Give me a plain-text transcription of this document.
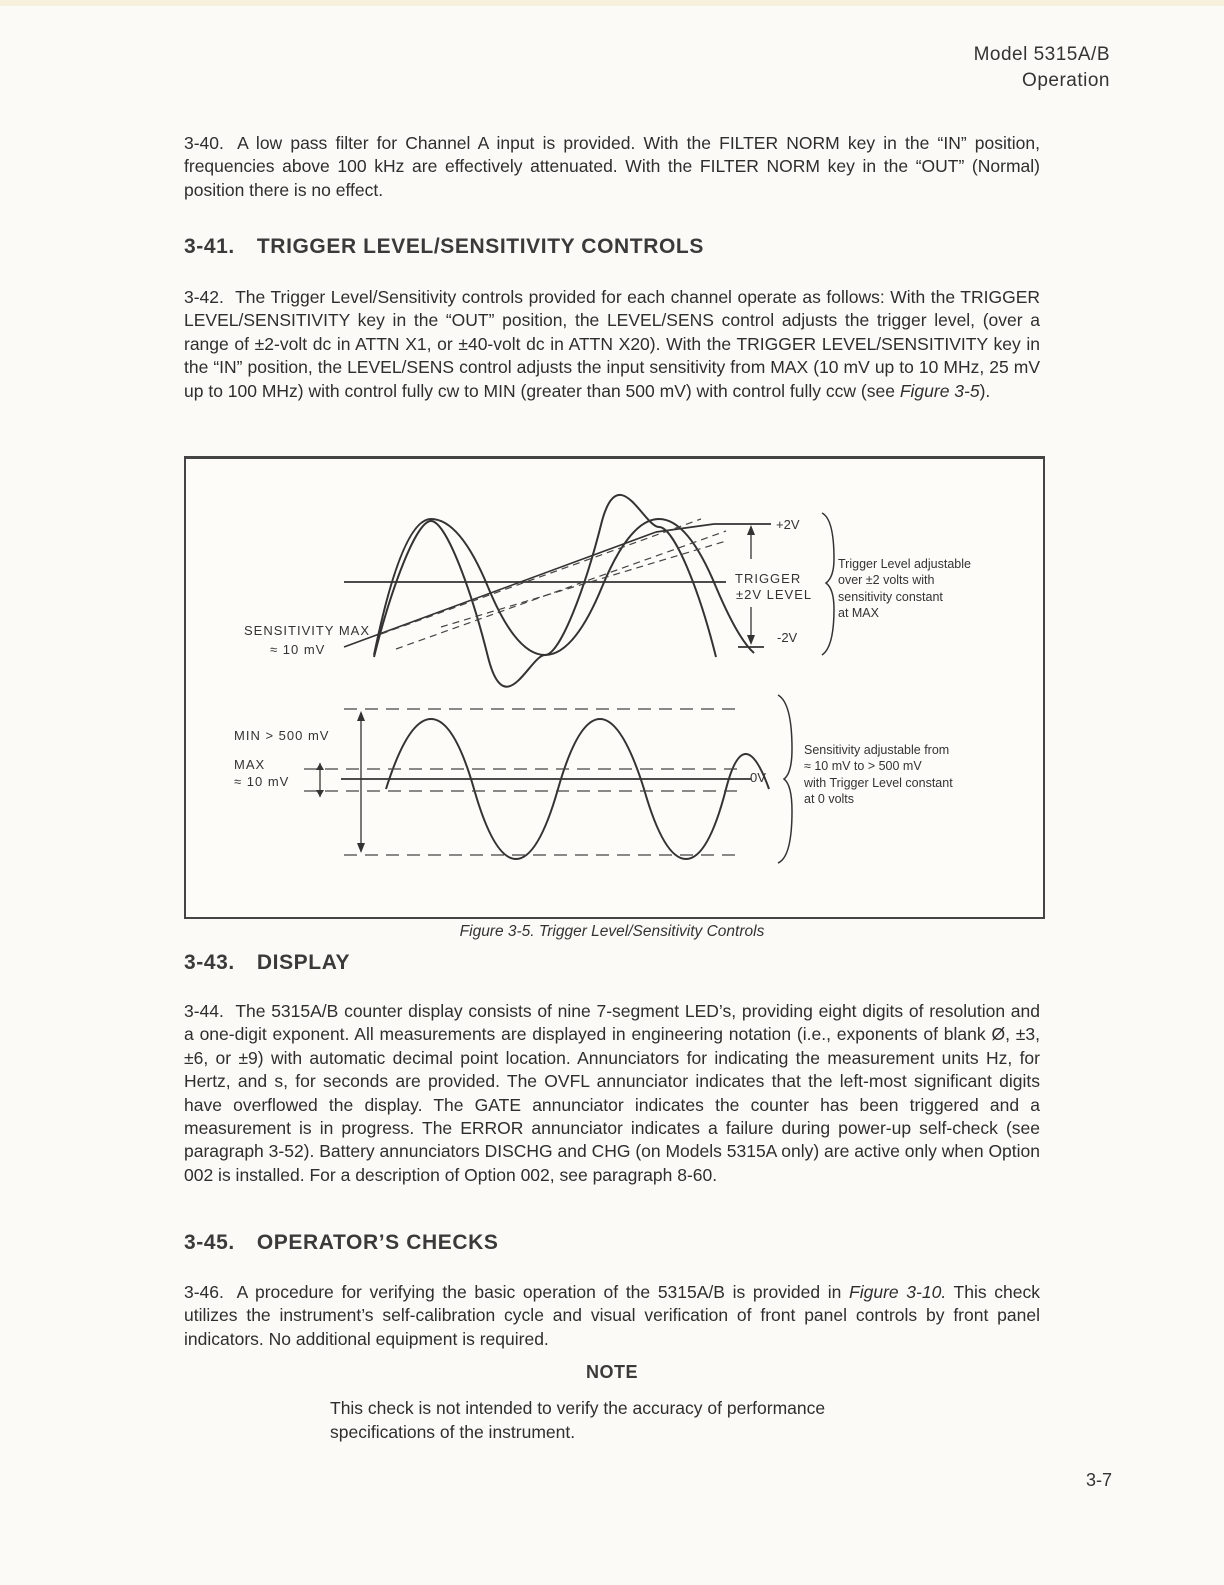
Model 5315A/B
Operation
3-40. A low pass filter for Channel A input is provided. With the FILTER NORM key in the “IN” position, frequencies above 100 kHz are effectively attenuated. With the FILTER NORM key in the “OUT” (Normal) position there is no effect.
3-41. TRIGGER LEVEL/SENSITIVITY CONTROLS
3-42. The Trigger Level/Sensitivity controls provided for each channel operate as follows: With the TRIGGER LEVEL/SENSITIVITY key in the “OUT” position, the LEVEL/SENS control adjusts the trigger level, (over a range of ±2-volt dc in ATTN X1, or ±40-volt dc in ATTN X20). With the TRIGGER LEVEL/SENSITIVITY key in the “IN” position, the LEVEL/SENS control adjusts the input sensitivity from MAX (10 mV up to 10 MHz, 25 mV up to 100 MHz) with control fully cw to MIN (greater than 500 mV) with control fully ccw (see Figure 3-5).
+2V
-2V
TRIGGER
±2V LEVEL
SENSITIVITY MAX
≈ 10 mV
Trigger Level adjustable
over ±2 volts with
sensitivity constant
at MAX
MIN > 500 mV
MAX
≈ 10 mV	0V
Sensitivity adjustable from
≈ 10 mV to > 500 mV
with Trigger Level constant
at 0 volts
Figure 3-5. Trigger Level/Sensitivity Controls
3-43. DISPLAY
3-44. The 5315A/B counter display consists of nine 7-segment LED’s, providing eight digits of resolution and a one-digit exponent. All measurements are displayed in engineering notation (i.e., exponents of blank Ø, ±3, ±6, or ±9) with automatic decimal point location. Annunciators for indicating the measurement units Hz, for Hertz, and s, for seconds are provided. The OVFL annunciator indicates that the left-most significant digits have overflowed the display. The GATE annunciator indicates the counter has been triggered and a measurement is in progress. The ERROR annunciator indicates a failure during power-up self-check (see paragraph 3-52). Battery annunciators DISCHG and CHG (on Models 5315A only) are active only when Option 002 is installed. For a description of Option 002, see paragraph 8-60.
3-45. OPERATOR’S CHECKS
3-46. A procedure for verifying the basic operation of the 5315A/B is provided in Figure 3-10. This check utilizes the instrument’s self-calibration cycle and visual verification of front panel controls by front panel indicators. No additional equipment is required.
NOTE
This check is not intended to verify the accuracy of performance specifications of the instrument.
3-7
